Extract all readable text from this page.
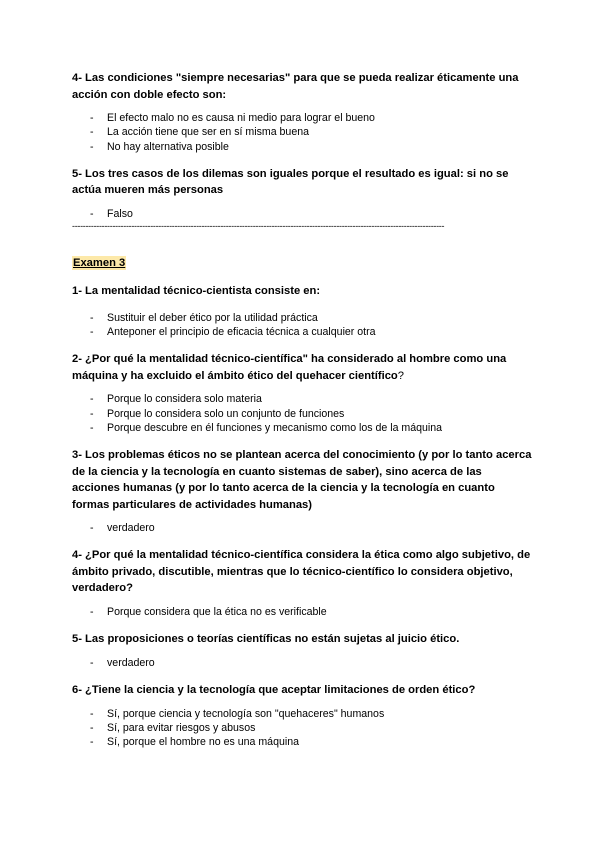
4- Las condiciones "siempre necesarias" para que se pueda realizar éticamente una acción con doble efecto son:

- El efecto malo no es causa ni medio para lograr el bueno
- La acción tiene que ser en sí misma buena
- No hay alternativa posible

5- Los tres casos de los dilemas son iguales porque el resultado es igual: si no se actúa mueren más personas

- Falso

------------------------------------------------------------------------------------------------------------------------------------------

Examen 3

1- La mentalidad técnico-cientista consiste en:

- Sustituir el deber ético por la utilidad práctica
- Anteponer el principio de eficacia técnica a cualquier otra

2- ¿Por qué la mentalidad técnico-científica" ha considerado al hombre como una máquina y ha excluido el ámbito ético del quehacer científico?

- Porque lo considera solo materia
- Porque lo considera solo un conjunto de funciones
- Porque descubre en él funciones y mecanismo como los de la máquina

3- Los problemas éticos no se plantean acerca del conocimiento (y por lo tanto acerca de la ciencia y la tecnología en cuanto sistemas de saber), sino acerca de las acciones humanas (y por lo tanto acerca de la ciencia y la tecnología en cuanto formas particulares de actividades humanas)

- verdadero

4- ¿Por qué la mentalidad técnico-científica considera la ética como algo subjetivo, de ámbito privado, discutible, mientras que lo técnico-científico lo considera objetivo, verdadero?

- Porque considera que la ética no es verificable

5- Las proposiciones o teorías científicas no están sujetas al juicio ético.

- verdadero

6- ¿Tiene la ciencia y la tecnología que aceptar limitaciones de orden ético?

- Sí, porque ciencia y tecnología son "quehaceres" humanos
- Sí, para evitar riesgos y abusos
- Sí, porque el hombre no es una máquina
